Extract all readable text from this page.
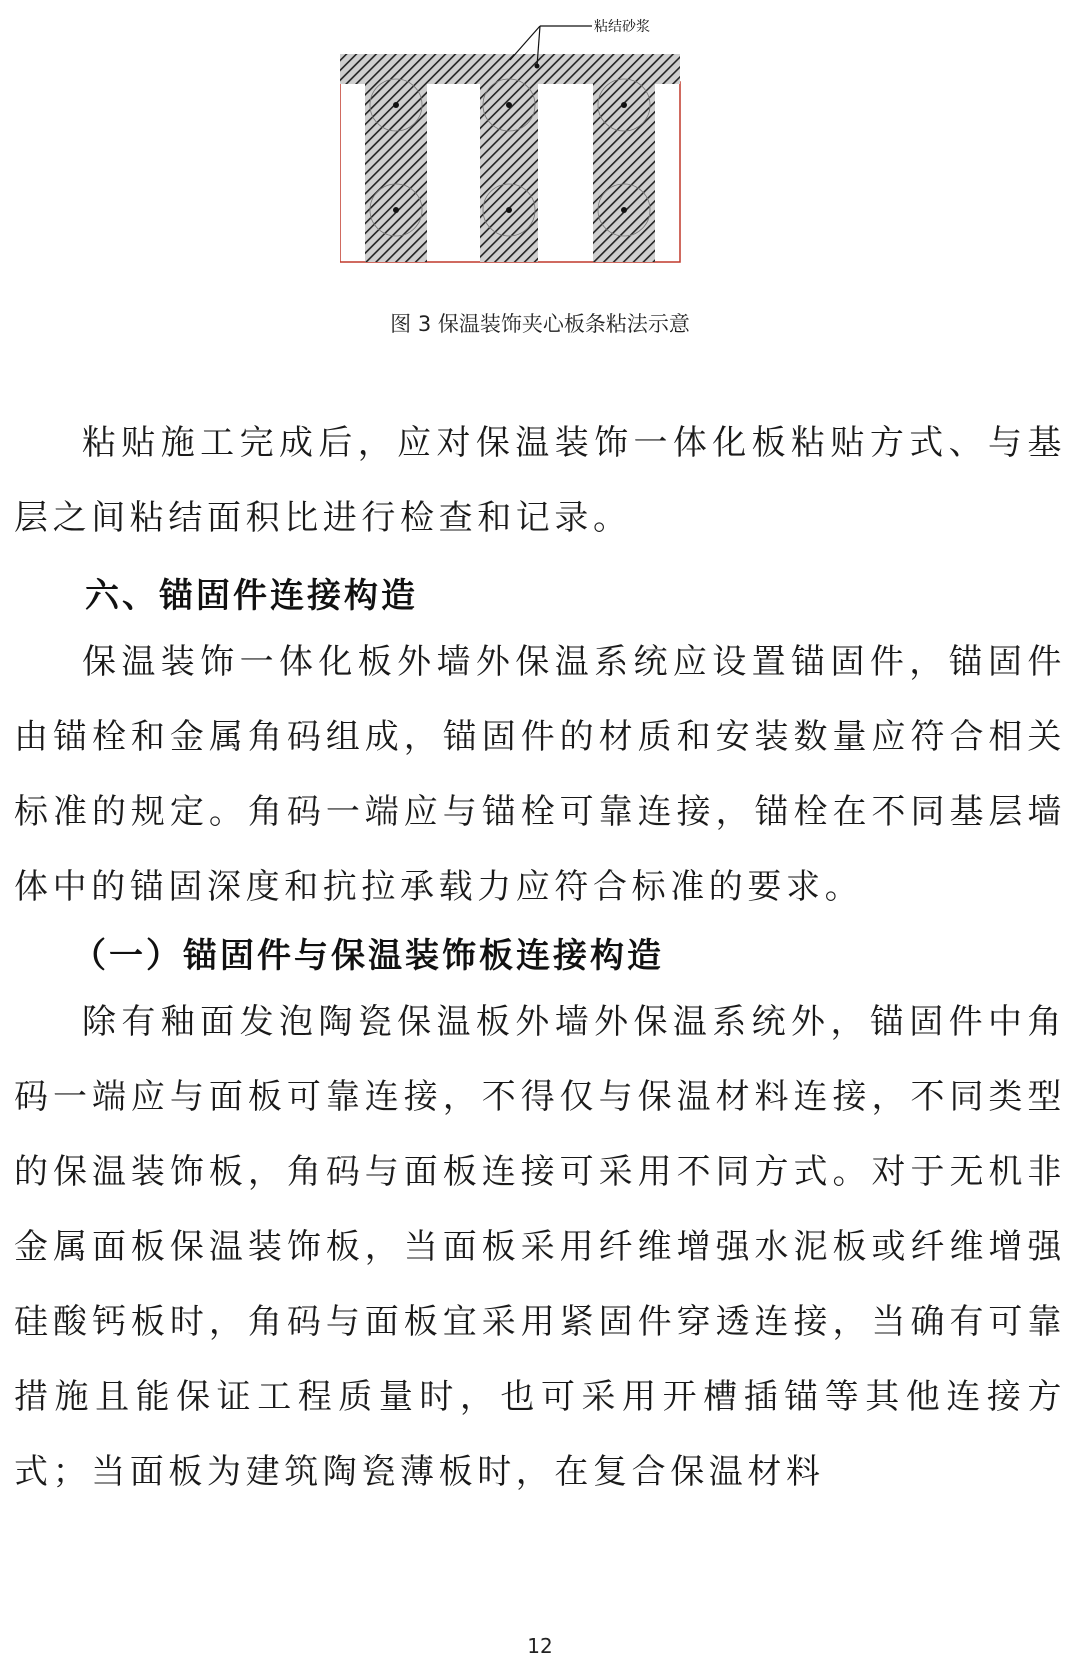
粘结砂浆
图 3 保温装饰夹心板条粘法示意

粘贴施工完成后，应对保温装饰一体化板粘贴方式、与基层之间粘结面积比进行检查和记录。

六、锚固件连接构造

保温装饰一体化板外墙外保温系统应设置锚固件，锚固件由锚栓和金属角码组成，锚固件的材质和安装数量应符合相关标准的规定。角码一端应与锚栓可靠连接，锚栓在不同基层墙体中的锚固深度和抗拉承载力应符合标准的要求。

（一）锚固件与保温装饰板连接构造

除有釉面发泡陶瓷保温板外墙外保温系统外，锚固件中角码一端应与面板可靠连接，不得仅与保温材料连接，不同类型的保温装饰板，角码与面板连接可采用不同方式。对于无机非金属面板保温装饰板，当面板采用纤维增强水泥板或纤维增强硅酸钙板时，角码与面板宜采用紧固件穿透连接，当确有可靠措施且能保证工程质量时，也可采用开槽插锚等其他连接方式；当面板为建筑陶瓷薄板时，在复合保温材料

12
